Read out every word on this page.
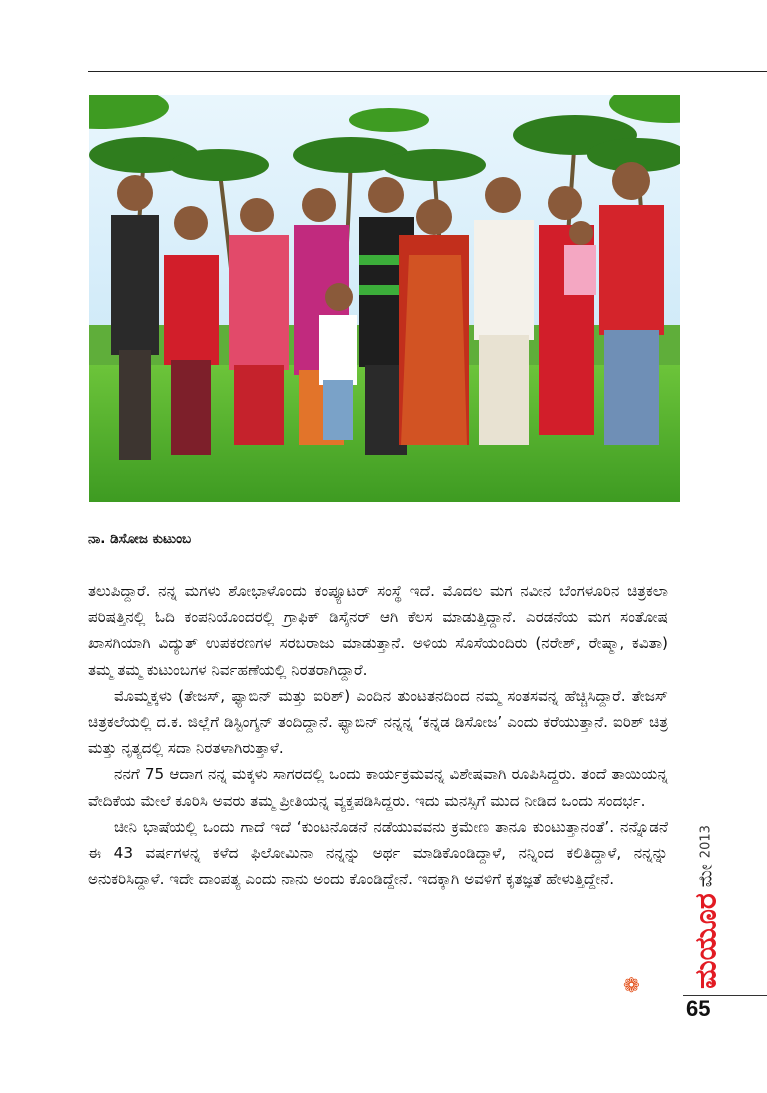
ನಾ. ಡಿಸೋಜ ಕುಟುಂಬ

ತಲುಪಿದ್ದಾರೆ. ನನ್ನ ಮಗಳು ಶೋಭಾಳೊಂದು ಕಂಪ್ಯೂಟರ್ ಸಂಸ್ಥೆ ಇದೆ. ಮೊದಲ ಮಗ ನವೀನ ಬೆಂಗಳೂರಿನ ಚಿತ್ರಕಲಾ ಪರಿಷತ್ತಿನಲ್ಲಿ ಓದಿ ಕಂಪನಿಯೊಂದರಲ್ಲಿ ಗ್ರಾಫಿಕ್ ಡಿಸೈನರ್ ಆಗಿ ಕೆಲಸ ಮಾಡುತ್ತಿದ್ದಾನೆ. ಎರಡನೆಯ ಮಗ ಸಂತೋಷ ಖಾಸಗಿಯಾಗಿ ವಿದ್ಯುತ್ ಉಪಕರಣಗಳ ಸರಬರಾಜು ಮಾಡುತ್ತಾನೆ. ಅಳಿಯ ಸೊಸೆಯಂದಿರು (ನರೇಶ್, ರೇಷ್ಮಾ, ಕವಿತಾ) ತಮ್ಮ ತಮ್ಮ ಕುಟುಂಬಗಳ ನಿರ್ವಹಣೆಯಲ್ಲಿ ನಿರತರಾಗಿದ್ದಾರೆ.

ಮೊಮ್ಮಕ್ಕಳು (ತೇಜಸ್, ಫ್ಯಾಬಿನ್ ಮತ್ತು ಐರಿಶ್) ಎಂದಿನ ತುಂಟತನದಿಂದ ನಮ್ಮ ಸಂತಸವನ್ನ ಹೆಚ್ಚಿಸಿದ್ದಾರೆ. ತೇಜಸ್ ಚಿತ್ರಕಲೆಯಲ್ಲಿ ದ.ಕ. ಜಿಲ್ಲೆಗೆ ಡಿಸ್ಟಿಂಗ್ಶನ್ ತಂದಿದ್ದಾನೆ. ಫ್ಯಾಬಿನ್ ನನ್ನನ್ನ ‘ಕನ್ನಡ ಡಿಸೋಜ’ ಎಂದು ಕರೆಯುತ್ತಾನೆ. ಐರಿಶ್ ಚಿತ್ರ ಮತ್ತು ನೃತ್ಯದಲ್ಲಿ ಸದಾ ನಿರತಳಾಗಿರುತ್ತಾಳೆ.

ನನಗೆ 75 ಆದಾಗ ನನ್ನ ಮಕ್ಕಳು ಸಾಗರದಲ್ಲಿ ಒಂದು ಕಾರ್ಯಕ್ರಮವನ್ನ ವಿಶೇಷವಾಗಿ ರೂಪಿಸಿದ್ದರು. ತಂದೆ ತಾಯಿಯನ್ನ ವೇದಿಕೆಯ ಮೇಲೆ ಕೂರಿಸಿ ಅವರು ತಮ್ಮ ಪ್ರೀತಿಯನ್ನ ವ್ಯಕ್ತಪಡಿಸಿದ್ದರು. ಇದು ಮನಸ್ಸಿಗೆ ಮುದ ನೀಡಿದ ಒಂದು ಸಂದರ್ಭ.

ಚೀನಿ ಭಾಷೆಯಲ್ಲಿ ಒಂದು ಗಾದೆ ಇದೆ ‘ಕುಂಟನೊಡನೆ ನಡೆಯುವವನು ಕ್ರಮೇಣ ತಾನೂ ಕುಂಟುತ್ತಾನಂತೆ’. ನನ್ನೊಡನೆ ಈ 43 ವರ್ಷಗಳನ್ನ ಕಳೆದ ಫಿಲೋಮಿನಾ ನನ್ನನ್ನು ಅರ್ಥ ಮಾಡಿಕೊಂಡಿದ್ದಾಳೆ, ನನ್ನಿಂದ ಕಲಿತಿದ್ದಾಳೆ, ನನ್ನನ್ನು ಅನುಕರಿಸಿದ್ದಾಳೆ. ಇದೇ ದಾಂಪತ್ಯ ಎಂದು ನಾನು ಅಂದು ಕೊಂಡಿದ್ದೇನೆ. ಇದಕ್ಕಾಗಿ ಅವಳಿಗೆ ಕೃತಜ್ಞತೆ ಹೇಳುತ್ತಿದ್ದೇನೆ.

ಮಯೂರ
ಮೇ
2013
❁
65
